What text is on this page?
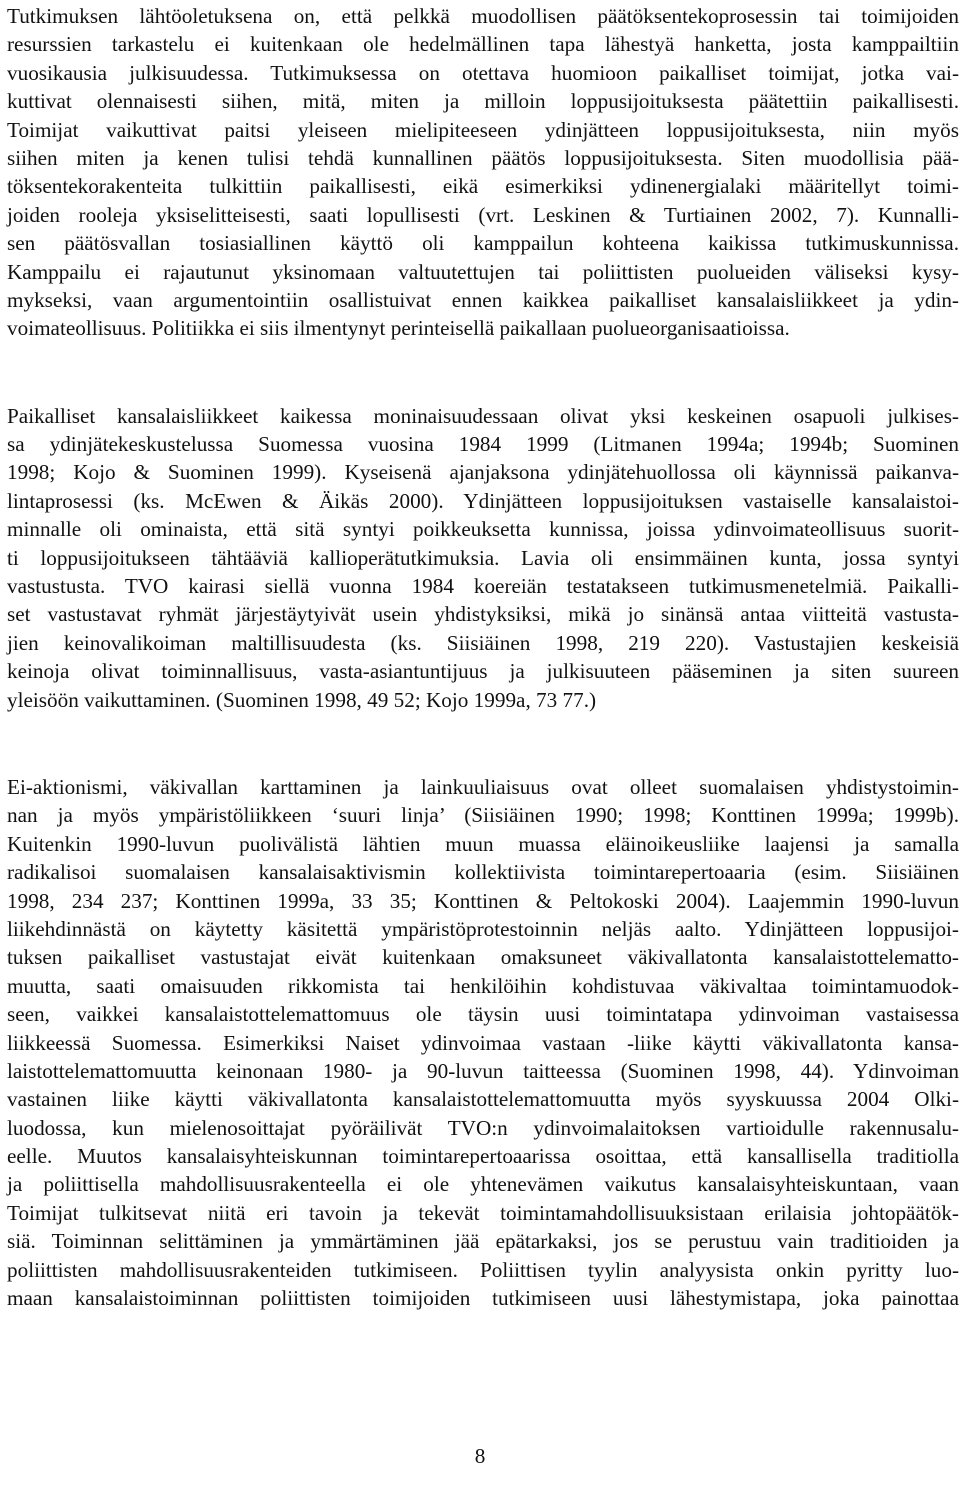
Tutkimuksen lähtöoletuksena on, että pelkkä muodollisen päätöksentekoprosessin tai toimijoiden
resurssien tarkastelu ei kuitenkaan ole hedelmällinen tapa lähestyä hanketta, josta kamppailtiin
vuosikausia julkisuudessa. Tutkimuksessa on otettava huomioon paikalliset toimijat, jotka vai-
kuttivat olennaisesti siihen, mitä, miten ja milloin loppusijoituksesta päätettiin paikallisesti.
Toimijat vaikuttivat paitsi yleiseen mielipiteeseen ydinjätteen loppusijoituksesta, niin myös
siihen miten ja kenen tulisi tehdä kunnallinen päätös loppusijoituksesta. Siten muodollisia pää-
töksentekorakenteita tulkittiin paikallisesti, eikä esimerkiksi ydinenergialaki määritellyt toimi-
joiden rooleja yksiselitteisesti, saati lopullisesti (vrt. Leskinen & Turtiainen 2002, 7). Kunnalli-
sen päätösvallan tosiasiallinen käyttö oli kamppailun kohteena kaikissa tutkimuskunnissa.
Kamppailu ei rajautunut yksinomaan valtuutettujen tai poliittisten puolueiden väliseksi kysy-
mykseksi, vaan argumentointiin osallistuivat ennen kaikkea paikalliset kansalaisliikkeet ja ydin-
voimateollisuus. Politiikka ei siis ilmentynyt perinteisellä paikallaan puolueorganisaatioissa.
Paikalliset kansalaisliikkeet kaikessa moninaisuudessaan olivat yksi keskeinen osapuoli julkises-
sa ydinjätekeskustelussa Suomessa vuosina 1984 1999 (Litmanen 1994a; 1994b; Suominen
1998; Kojo & Suominen 1999). Kyseisenä ajanjaksona ydinjätehuollossa oli käynnissä paikanva-
lintaprosessi (ks. McEwen & Äikäs 2000). Ydinjätteen loppusijoituksen vastaiselle kansalaistoi-
minnalle oli ominaista, että sitä syntyi poikkeuksetta kunnissa, joissa ydinvoimateollisuus suorit-
ti loppusijoitukseen tähtääviä kallioperätutkimuksia. Lavia oli ensimmäinen kunta, jossa syntyi
vastustusta. TVO kairasi siellä vuonna 1984 koereiän testatakseen tutkimusmenetelmiä. Paikalli-
set vastustavat ryhmät järjestäytyivät usein yhdistyksiksi, mikä jo sinänsä antaa viitteitä vastusta-
jien keinovalikoiman maltillisuudesta (ks. Siisiäinen 1998, 219 220). Vastustajien keskeisiä
keinoja olivat toiminnallisuus, vasta-asiantuntijuus ja julkisuuteen pääseminen ja siten suureen
yleisöön vaikuttaminen. (Suominen 1998, 49 52; Kojo 1999a, 73 77.)
Ei-aktionismi, väkivallan karttaminen ja lainkuuliaisuus ovat olleet suomalaisen yhdistystoimin-
nan ja myös ympäristöliikkeen ‘suuri linja’ (Siisiäinen 1990; 1998; Konttinen 1999a; 1999b).
Kuitenkin 1990-luvun puolivälistä lähtien muun muassa eläinoikeusliike laajensi ja samalla
radikalisoi suomalaisen kansalaisaktivismin kollektiivista toimintarepertoaaria (esim. Siisiäinen
1998, 234 237; Konttinen 1999a, 33 35; Konttinen & Peltokoski 2004). Laajemmin 1990-luvun
liikehdinnästä on käytetty käsitettä ympäristöprotestoinnin neljäs aalto. Ydinjätteen loppusijoi-
tuksen paikalliset vastustajat eivät kuitenkaan omaksuneet väkivallatonta kansalaistottelematto-
muutta, saati omaisuuden rikkomista tai henkilöihin kohdistuvaa väkivaltaa toimintamuodok-
seen, vaikkei kansalaistottelemattomuus ole täysin uusi toimintatapa ydinvoiman vastaisessa
liikkeessä Suomessa. Esimerkiksi Naiset ydinvoimaa vastaan -liike käytti väkivallatonta kansa-
laistottelemattomuutta keinonaan 1980- ja 90-luvun taitteessa (Suominen 1998, 44). Ydinvoiman
vastainen liike käytti väkivallatonta kansalaistottelemattomuutta myös syyskuussa 2004 Olki-
luodossa, kun mielenosoittajat pyöräilivät TVO:n ydinvoimalaitoksen vartioidulle rakennusalu-
eelle. Muutos kansalaisyhteiskunnan toimintarepertoaarissa osoittaa, että kansallisella traditiolla
ja poliittisella mahdollisuusrakenteella ei ole yhtenevämen vaikutus kansalaisyhteiskuntaan, vaan
Toimijat tulkitsevat niitä eri tavoin ja tekevät toimintamahdollisuuksistaan erilaisia johtopäätök-
siä. Toiminnan selittäminen ja ymmärtäminen jää epätarkaksi, jos se perustuu vain traditioiden ja
poliittisten mahdollisuusrakenteiden tutkimiseen. Poliittisen tyylin analyysista onkin pyritty luo-
maan kansalaistoiminnan poliittisten toimijoiden tutkimiseen uusi lähestymistapa, joka painottaa
8
